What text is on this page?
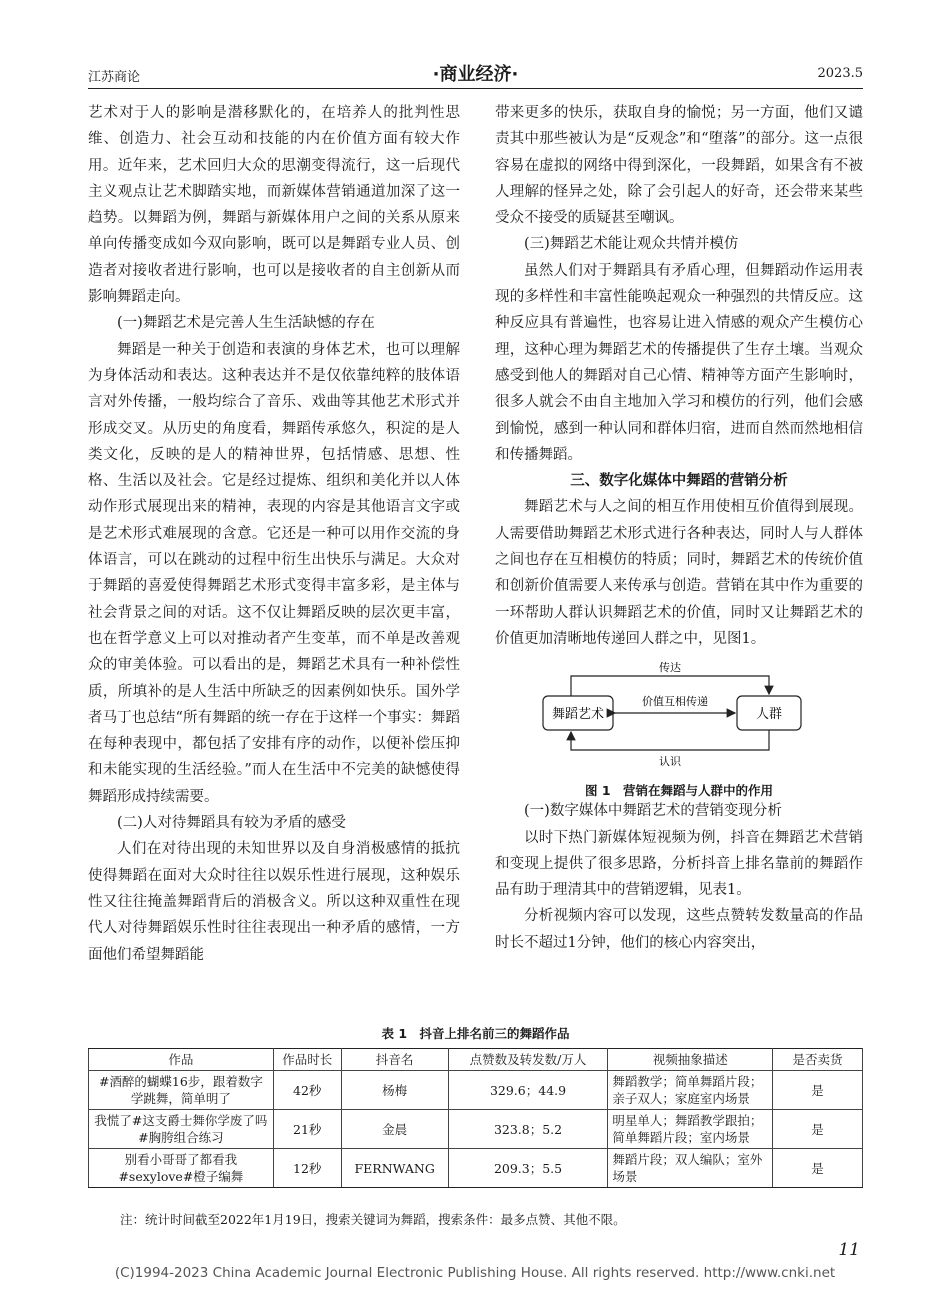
江苏商论	·商业经济·	2023.5

艺术对于人的影响是潜移默化的，在培养人的批判性思维、创造力、社会互动和技能的内在价值方面有较大作用。近年来，艺术回归大众的思潮变得流行，这一后现代主义观点让艺术脚踏实地，而新媒体营销通道加深了这一趋势。以舞蹈为例，舞蹈与新媒体用户之间的关系从原来单向传播变成如今双向影响，既可以是舞蹈专业人员、创造者对接收者进行影响，也可以是接收者的自主创新从而影响舞蹈走向。

(一)舞蹈艺术是完善人生生活缺憾的存在

舞蹈是一种关于创造和表演的身体艺术，也可以理解为身体活动和表达。这种表达并不是仅依靠纯粹的肢体语言对外传播，一般均综合了音乐、戏曲等其他艺术形式并形成交叉。从历史的角度看，舞蹈传承悠久，积淀的是人类文化，反映的是人的精神世界，包括情感、思想、性格、生活以及社会。它是经过提炼、组织和美化并以人体动作形式展现出来的精神，表现的内容是其他语言文字或是艺术形式难展现的含意。它还是一种可以用作交流的身体语言，可以在跳动的过程中衍生出快乐与满足。大众对于舞蹈的喜爱使得舞蹈艺术形式变得丰富多彩，是主体与社会背景之间的对话。这不仅让舞蹈反映的层次更丰富，也在哲学意义上可以对推动者产生变革，而不单是改善观众的审美体验。可以看出的是，舞蹈艺术具有一种补偿性质，所填补的是人生活中所缺乏的因素例如快乐。国外学者马丁也总结“所有舞蹈的统一存在于这样一个事实：舞蹈在每种表现中，都包括了安排有序的动作，以便补偿压抑和未能实现的生活经验。”而人在生活中不完美的缺憾使得舞蹈形成持续需要。

(二)人对待舞蹈具有较为矛盾的感受

人们在对待出现的未知世界以及自身消极感情的抵抗使得舞蹈在面对大众时往往以娱乐性进行展现，这种娱乐性又往往掩盖舞蹈背后的消极含义。所以这种双重性在现代人对待舞蹈娱乐性时往往表现出一种矛盾的感情，一方面他们希望舞蹈能

带来更多的快乐，获取自身的愉悦；另一方面，他们又谴责其中那些被认为是“反观念”和“堕落”的部分。这一点很容易在虚拟的网络中得到深化，一段舞蹈，如果含有不被人理解的怪异之处，除了会引起人的好奇，还会带来某些受众不接受的质疑甚至嘲讽。

(三)舞蹈艺术能让观众共情并模仿

虽然人们对于舞蹈具有矛盾心理，但舞蹈动作运用表现的多样性和丰富性能唤起观众一种强烈的共情反应。这种反应具有普遍性，也容易让进入情感的观众产生模仿心理，这种心理为舞蹈艺术的传播提供了生存土壤。当观众感受到他人的舞蹈对自己心情、精神等方面产生影响时，很多人就会不由自主地加入学习和模仿的行列，他们会感到愉悦，感到一种认同和群体归宿，进而自然而然地相信和传播舞蹈。

三、数字化媒体中舞蹈的营销分析

舞蹈艺术与人之间的相互作用使相互价值得到展现。人需要借助舞蹈艺术形式进行各种表达，同时人与人群体之间也存在互相模仿的特质；同时，舞蹈艺术的传统价值和创新价值需要人来传承与创造。营销在其中作为重要的一环帮助人群认识舞蹈艺术的价值，同时又让舞蹈艺术的价值更加清晰地传递回人群之中，见图1。

舞蹈艺术	人群
传达
价值互相传递
认识
图 1　营销在舞蹈与人群中的作用
(一)数字媒体中舞蹈艺术的营销变现分析

以时下热门新媒体短视频为例，抖音在舞蹈艺术营销和变现上提供了很多思路，分析抖音上排名靠前的舞蹈作品有助于理清其中的营销逻辑，见表1。

分析视频内容可以发现，这些点赞转发数量高的作品时长不超过1分钟，他们的核心内容突出，

表 1　抖音上排名前三的舞蹈作品
作品	作品时长	抖音名	点赞数及转发数/万人	视频抽象描述	是否卖货
#酒醉的蝴蝶16步，跟着数字学跳舞，简单明了	42秒	杨梅	329.6；44.9	舞蹈教学；简单舞蹈片段；亲子双人；家庭室内场景	是
我慌了#这支爵士舞你学废了吗#胸胯组合练习	21秒	金晨	323.8；5.2	明星单人；舞蹈教学跟拍；简单舞蹈片段；室内场景	是
别看小哥哥了都看我 #sexylove#橙子编舞	12秒	FERNWANG	209.3；5.5	舞蹈片段；双人编队；室外场景	是
注：统计时间截至2022年1月19日，搜索关键词为舞蹈，搜索条件：最多点赞、其他不限。
11
(C)1994-2023 China Academic Journal Electronic Publishing House. All rights reserved. http://www.cnki.net
